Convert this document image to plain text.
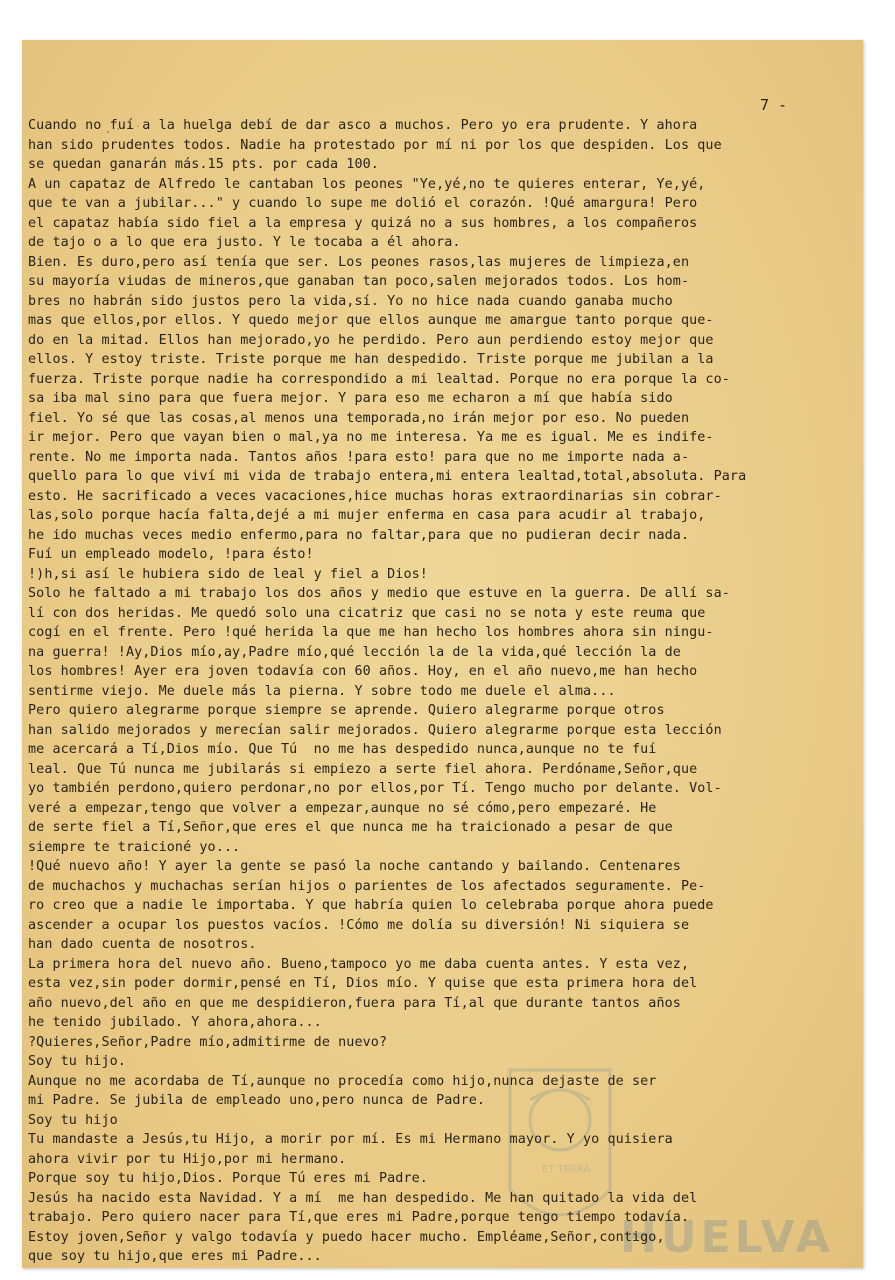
ET TERRA
HUELVA
7 -
Cuando no fuí a la huelga debí de dar asco a muchos. Pero yo era prudente. Y ahora
han sido prudentes todos. Nadie ha protestado por mí ni por los que despiden. Los que
se quedan ganarán más.15 pts. por cada 100.
A un capataz de Alfredo le cantaban los peones "Ye,yé,no te quieres enterar, Ye,yé,
que te van a jubilar..." y cuando lo supe me dolió el corazón. !Qué amargura! Pero
el capataz había sido fiel a la empresa y quizá no a sus hombres, a los compañeros
de tajo o a lo que era justo. Y le tocaba a él ahora.
Bien. Es duro,pero así tenía que ser. Los peones rasos,las mujeres de limpieza,en
su mayoría viudas de mineros,que ganaban tan poco,salen mejorados todos. Los hom-
bres no habrán sido justos pero la vida,sí. Yo no hice nada cuando ganaba mucho
mas que ellos,por ellos. Y quedo mejor que ellos aunque me amargue tanto porque que-
do en la mitad. Ellos han mejorado,yo he perdido. Pero aun perdiendo estoy mejor que
ellos. Y estoy triste. Triste porque me han despedido. Triste porque me jubilan a la
fuerza. Triste porque nadie ha correspondido a mi lealtad. Porque no era porque la co-
sa iba mal sino para que fuera mejor. Y para eso me echaron a mí que había sido
fiel. Yo sé que las cosas,al menos una temporada,no irán mejor por eso. No pueden
ir mejor. Pero que vayan bien o mal,ya no me interesa. Ya me es igual. Me es indife-
rente. No me importa nada. Tantos años !para esto! para que no me importe nada a-
quello para lo que viví mi vida de trabajo entera,mi entera lealtad,total,absoluta. Para
esto. He sacrificado a veces vacaciones,hice muchas horas extraordinarias sin cobrar-
las,solo porque hacía falta,dejé a mi mujer enferma en casa para acudir al trabajo,
he ido muchas veces medio enfermo,para no faltar,para que no pudieran decir nada.
Fuí un empleado modelo, !para ésto!
!)h,si así le hubiera sido de leal y fiel a Dios!
Solo he faltado a mi trabajo los dos años y medio que estuve en la guerra. De allí sa-
lí con dos heridas. Me quedó solo una cicatriz que casi no se nota y este reuma que
cogí en el frente. Pero !qué herida la que me han hecho los hombres ahora sin ningu-
na guerra! !Ay,Dios mío,ay,Padre mío,qué lección la de la vida,qué lección la de
los hombres! Ayer era joven todavía con 60 años. Hoy, en el año nuevo,me han hecho
sentirme viejo. Me duele más la pierna. Y sobre todo me duele el alma...
Pero quiero alegrarme porque siempre se aprende. Quiero alegrarme porque otros
han salido mejorados y merecían salir mejorados. Quiero alegrarme porque esta lección
me acercará a Tí,Dios mío. Que Tú  no me has despedido nunca,aunque no te fuí
leal. Que Tú nunca me jubilarás si empiezo a serte fiel ahora. Perdóname,Señor,que
yo también perdono,quiero perdonar,no por ellos,por Tí. Tengo mucho por delante. Vol-
veré a empezar,tengo que volver a empezar,aunque no sé cómo,pero empezaré. He
de serte fiel a Tí,Señor,que eres el que nunca me ha traicionado a pesar de que
siempre te traicioné yo...
!Qué nuevo año! Y ayer la gente se pasó la noche cantando y bailando. Centenares
de muchachos y muchachas serían hijos o parientes de los afectados seguramente. Pe-
ro creo que a nadie le importaba. Y que habría quien lo celebraba porque ahora puede
ascender a ocupar los puestos vacíos. !Cómo me dolía su diversión! Ni siquiera se
han dado cuenta de nosotros.
La primera hora del nuevo año. Bueno,tampoco yo me daba cuenta antes. Y esta vez,
esta vez,sin poder dormir,pensé en Tí, Dios mío. Y quise que esta primera hora del
año nuevo,del año en que me despidieron,fuera para Tí,al que durante tantos años
he tenido jubilado. Y ahora,ahora...
?Quieres,Señor,Padre mío,admitirme de nuevo?
Soy tu hijo.
Aunque no me acordaba de Tí,aunque no procedía como hijo,nunca dejaste de ser
mi Padre. Se jubila de empleado uno,pero nunca de Padre.
Soy tu hijo
Tu mandaste a Jesús,tu Hijo, a morir por mí. Es mi Hermano mayor. Y yo quisiera
ahora vivir por tu Hijo,por mi hermano.
Porque soy tu hijo,Dios. Porque Tú eres mi Padre.
Jesús ha nacido esta Navidad. Y a mí  me han despedido. Me han quitado la vida del
trabajo. Pero quiero nacer para Tí,que eres mi Padre,porque tengo tiempo todavía.
Estoy joven,Señor y valgo todavía y puedo hacer mucho. Empléame,Señor,contigo,
que soy tu hijo,que eres mi Padre...
